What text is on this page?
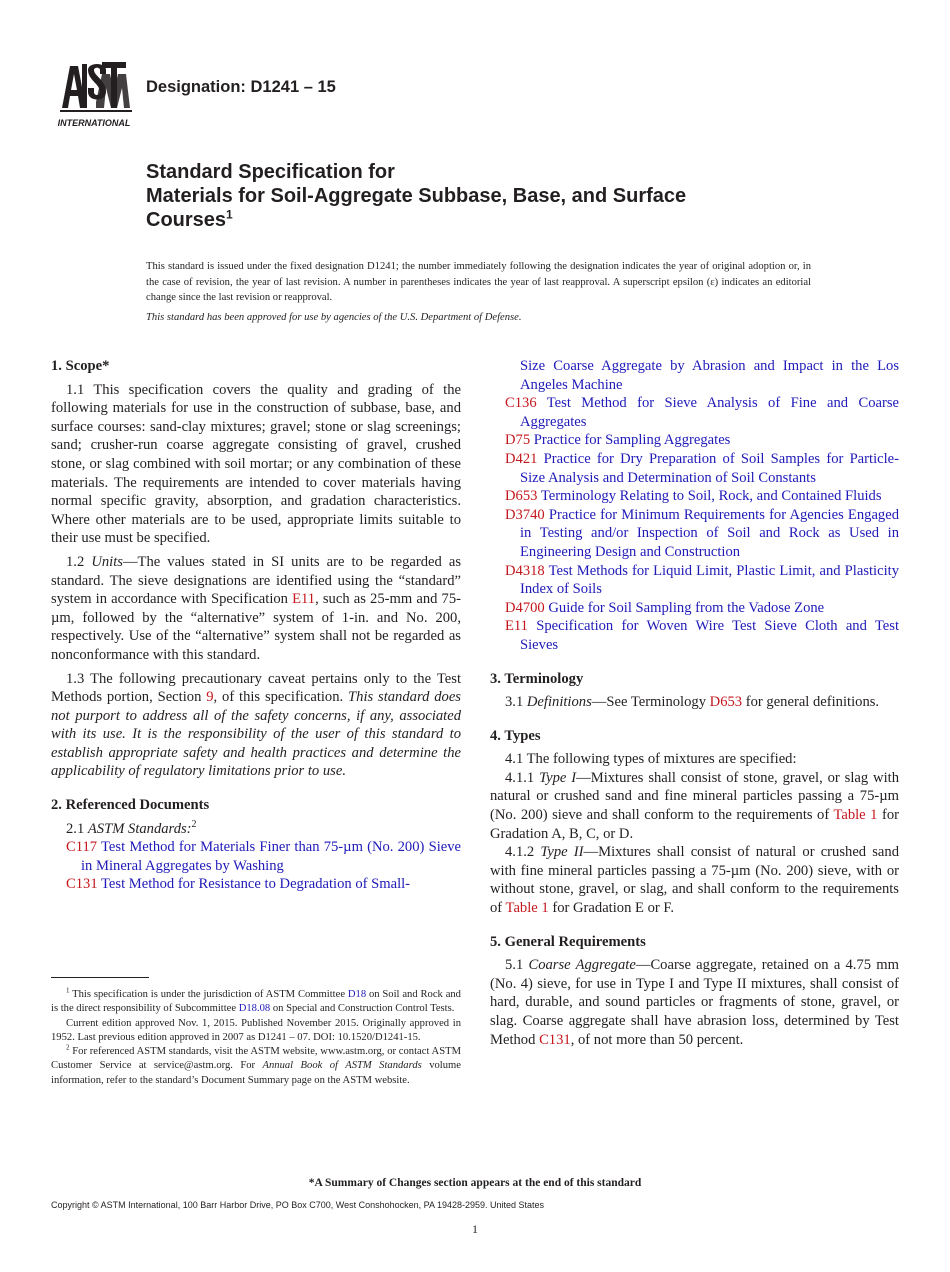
INTERNATIONAL
Designation: D1241 – 15
Standard Specification for
Materials for Soil-Aggregate Subbase, Base, and Surface
Courses$^1$
This standard is issued under the fixed designation D1241; the number immediately following the designation indicates the year of original adoption or, in the case of revision, the year of last revision. A number in parentheses indicates the year of last reapproval. A superscript epsilon (ε) indicates an editorial change since the last revision or reapproval.
This standard has been approved for use by agencies of the U.S. Department of Defense.
1. Scope*

1.1 This specification covers the quality and grading of the following materials for use in the construction of subbase, base, and surface courses: sand-clay mixtures; gravel; stone or slag screenings; sand; crusher-run coarse aggregate consisting of gravel, crushed stone, or slag combined with soil mortar; or any combination of these materials. The requirements are intended to cover materials having normal specific gravity, absorption, and gradation characteristics. Where other materials are to be used, appropriate limits suitable to their use must be specified.

1.2 Units—The values stated in SI units are to be regarded as standard. The sieve designations are identified using the “standard” system in accordance with Specification E11, such as 25-mm and 75-µm, followed by the “alternative” system of 1-in. and No. 200, respectively. Use of the “alternative” system shall not be regarded as nonconformance with this standard.

1.3 The following precautionary caveat pertains only to the Test Methods portion, Section 9, of this specification. This standard does not purport to address all of the safety concerns, if any, associated with its use. It is the responsibility of the user of this standard to establish appropriate safety and health practices and determine the applicability of regulatory limitations prior to use.

2. Referenced Documents

2.1 ASTM Standards:$^2$

C117 Test Method for Materials Finer than 75-µm (No. 200) Sieve in Mineral Aggregates by Washing
C131 Test Method for Resistance to Degradation of Small-
Size Coarse Aggregate by Abrasion and Impact in the Los Angeles Machine
C136 Test Method for Sieve Analysis of Fine and Coarse Aggregates
D75 Practice for Sampling Aggregates
D421 Practice for Dry Preparation of Soil Samples for Particle-Size Analysis and Determination of Soil Constants
D653 Terminology Relating to Soil, Rock, and Contained Fluids
D3740 Practice for Minimum Requirements for Agencies Engaged in Testing and/or Inspection of Soil and Rock as Used in Engineering Design and Construction
D4318 Test Methods for Liquid Limit, Plastic Limit, and Plasticity Index of Soils
D4700 Guide for Soil Sampling from the Vadose Zone
E11 Specification for Woven Wire Test Sieve Cloth and Test Sieves
3. Terminology

3.1 Definitions—See Terminology D653 for general definitions.

4. Types

4.1 The following types of mixtures are specified:

4.1.1 Type I—Mixtures shall consist of stone, gravel, or slag with natural or crushed sand and fine mineral particles passing a 75-µm (No. 200) sieve and shall conform to the requirements of Table 1 for Gradation A, B, C, or D.

4.1.2 Type II—Mixtures shall consist of natural or crushed sand with fine mineral particles passing a 75-µm (No. 200) sieve, with or without stone, gravel, or slag, and shall conform to the requirements of Table 1 for Gradation E or F.

5. General Requirements

5.1 Coarse Aggregate—Coarse aggregate, retained on a 4.75 mm (No. 4) sieve, for use in Type I and Type II mixtures, shall consist of hard, durable, and sound particles or fragments of stone, gravel, or slag. Coarse aggregate shall have abrasion loss, determined by Test Method C131, of not more than 50 percent.

$^1$ This specification is under the jurisdiction of ASTM Committee D18 on Soil and Rock and is the direct responsibility of Subcommittee D18.08 on Special and Construction Control Tests.

Current edition approved Nov. 1, 2015. Published November 2015. Originally approved in 1952. Last previous edition approved in 2007 as D1241 – 07. DOI: 10.1520/D1241-15.

$^2$ For referenced ASTM standards, visit the ASTM website, www.astm.org, or contact ASTM Customer Service at service@astm.org. For Annual Book of ASTM Standards volume information, refer to the standard’s Document Summary page on the ASTM website.

*A Summary of Changes section appears at the end of this standard
Copyright © ASTM International, 100 Barr Harbor Drive, PO Box C700, West Conshohocken, PA 19428-2959. United States
1
